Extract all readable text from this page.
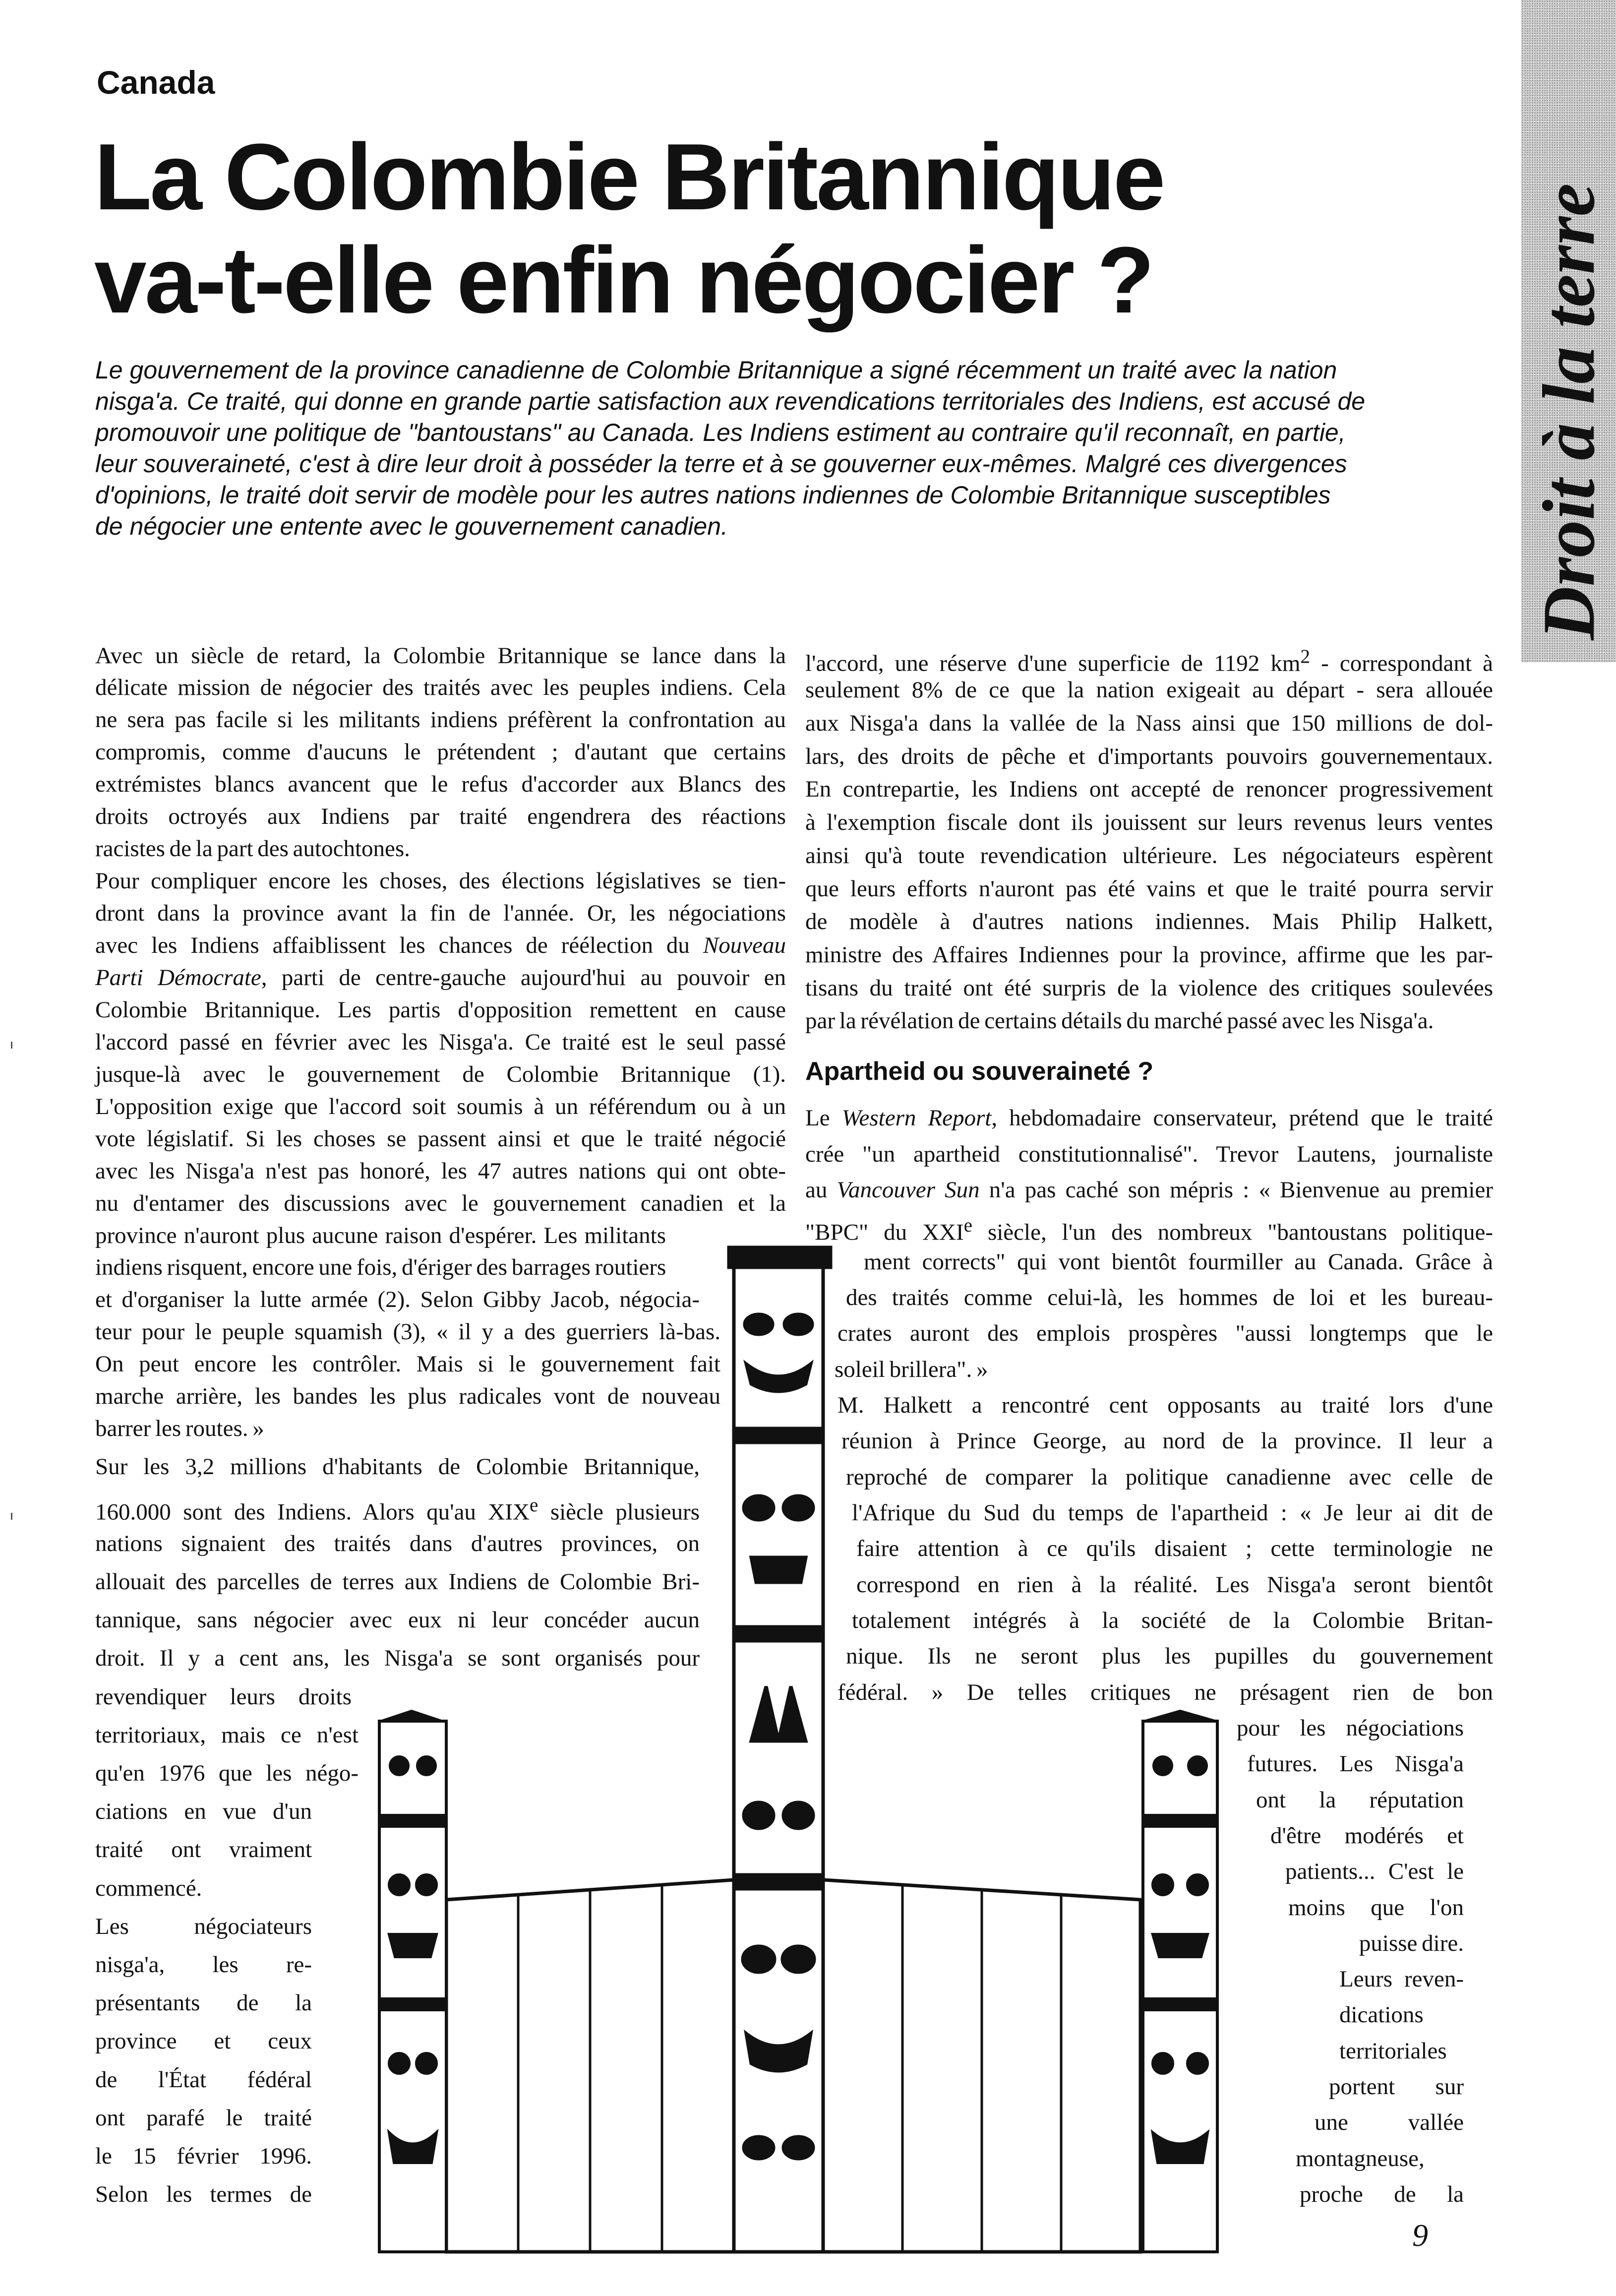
Canada
La Colombie Britannique
va-t-elle enfin négocier ?
Le gouvernement de la province canadienne de Colombie Britannique a signé récemment un traité avec la nation
nisga'a. Ce traité, qui donne en grande partie satisfaction aux revendications territoriales des Indiens, est accusé de
promouvoir une politique de "bantoustans" au Canada. Les Indiens estiment au contraire qu'il reconnaît, en partie,
leur souveraineté, c'est à dire leur droit à posséder la terre et à se gouverner eux-mêmes. Malgré ces divergences
d'opinions, le traité doit servir de modèle pour les autres nations indiennes de Colombie Britannique susceptibles
de négocier une entente avec le gouvernement canadien.	Droit à la terre
Avec un siècle de retard, la Colombie Britannique se lance dans la
délicate mission de négocier des traités avec les peuples indiens. Cela
ne sera pas facile si les militants indiens préfèrent la confrontation au
compromis, comme d'aucuns le prétendent ; d'autant que certains
extrémistes blancs avancent que le refus d'accorder aux Blancs des
droits octroyés aux Indiens par traité engendrera des réactions
racistes de la part des autochtones.
Pour compliquer encore les choses, des élections législatives se tien-
dront dans la province avant la fin de l'année. Or, les négociations
avec les Indiens affaiblissent les chances de réélection du Nouveau
Parti Démocrate, parti de centre-gauche aujourd'hui au pouvoir en
Colombie Britannique. Les partis d'opposition remettent en cause
l'accord passé en février avec les Nisga'a. Ce traité est le seul passé
jusque-là avec le gouvernement de Colombie Britannique (1).
L'opposition exige que l'accord soit soumis à un référendum ou à un
vote législatif. Si les choses se passent ainsi et que le traité négocié
avec les Nisga'a n'est pas honoré, les 47 autres nations qui ont obte-
nu d'entamer des discussions avec le gouvernement canadien et la
province n'auront plus aucune raison d'espérer. Les militants
indiens risquent, encore une fois, d'ériger des barrages routiers
et d'organiser la lutte armée (2). Selon Gibby Jacob, négocia-
teur pour le peuple squamish (3), « il y a des guerriers là-bas.
On peut encore les contrôler. Mais si le gouvernement fait
marche arrière, les bandes les plus radicales vont de nouveau
barrer les routes. »
Sur les 3,2 millions d'habitants de Colombie Britannique,
160.000 sont des Indiens. Alors qu'au XIXe siècle plusieurs
nations signaient des traités dans d'autres provinces, on
allouait des parcelles de terres aux Indiens de Colombie Bri-
tannique, sans négocier avec eux ni leur concéder aucun
droit. Il y a cent ans, les Nisga'a se sont organisés pour
revendiquer leurs droits
territoriaux, mais ce n'est
qu'en 1976 que les négo-
ciations en vue d'un
traité ont vraiment
commencé.
Les négociateurs
nisga'a, les re-
présentants de la
province et ceux
de l'État fédéral
ont parafé le traité
le 15 février 1996.
Selon les termes de
l'accord, une réserve d'une superficie de 1192 $km^2$ - correspondant à
seulement 8% de ce que la nation exigeait au départ - sera allouée
aux Nisga'a dans la vallée de la Nass ainsi que 150 millions de dol-
lars, des droits de pêche et d'importants pouvoirs gouvernementaux.
En contrepartie, les Indiens ont accepté de renoncer progressivement
à l'exemption fiscale dont ils jouissent sur leurs revenus leurs ventes
ainsi qu'à toute revendication ultérieure. Les négociateurs espèrent
que leurs efforts n'auront pas été vains et que le traité pourra servir
de modèle à d'autres nations indiennes. Mais Philip Halkett,
ministre des Affaires Indiennes pour la province, affirme que les par-
tisans du traité ont été surpris de la violence des critiques soulevées
par la révélation de certains détails du marché passé avec les Nisga'a.
Le Western Report, hebdomadaire conservateur, prétend que le traité
crée "un apartheid constitutionnalisé". Trevor Lautens, journaliste
au Vancouver Sun n'a pas caché son mépris : « Bienvenue au premier
"BPC" du XXIe siècle, l'un des nombreux "bantoustans politique-
ment corrects" qui vont bientôt fourmiller au Canada. Grâce à
des traités comme celui-là, les hommes de loi et les bureau-
crates auront des emplois prospères "aussi longtemps que le
soleil brillera". »
M. Halkett a rencontré cent opposants au traité lors d'une
réunion à Prince George, au nord de la province. Il leur a
reproché de comparer la politique canadienne avec celle de
l'Afrique du Sud du temps de l'apartheid : « Je leur ai dit de
faire attention à ce qu'ils disaient ; cette terminologie ne
correspond en rien à la réalité. Les Nisga'a seront bientôt
totalement intégrés à la société de la Colombie Britan-
nique. Ils ne seront plus les pupilles du gouvernement
fédéral. » De telles critiques ne présagent rien de bon
pour les négociations
futures. Les Nisga'a
ont la réputation
d'être modérés et
patients... C'est le
moins que l'on
puisse dire.
Leurs reven-
dications
territoriales
portent sur
une vallée
montagneuse,
proche de la
Apartheid ou souveraineté ?
9
